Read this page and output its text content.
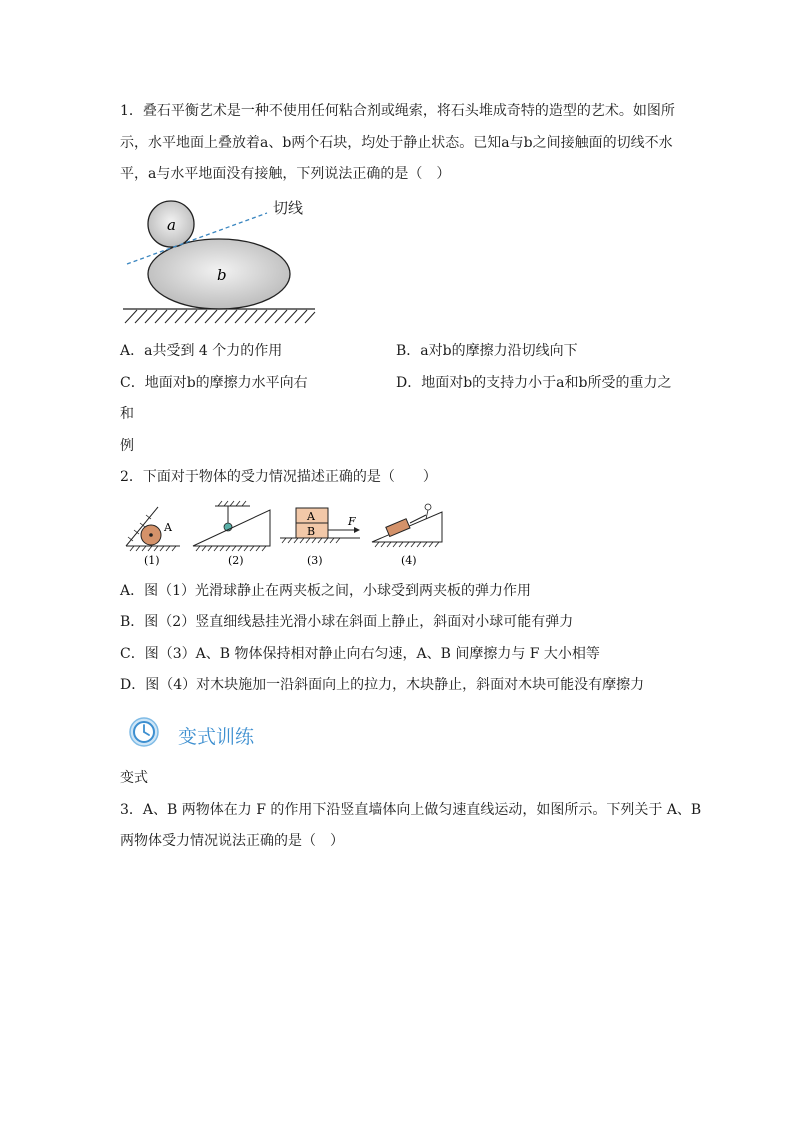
1．叠石平衡艺术是一种不使用任何粘合剂或绳索，将石头堆成奇特的造型的艺术。如图所
示，水平地面上叠放着a、b两个石块，均处于静止状态。已知a与b之间接触面的切线不水
平，a与水平地面没有接触，下列说法正确的是（　）
切线
a
b
A．a共受到 4 个力的作用	B．a对b的摩擦力沿切线向下
C．地面对b的摩擦力水平向右	D．地面对b的支持力小于a和b所受的重力之
和
例
2．下面对于物体的受力情况描述正确的是（　　）
A
(1)	(2)
A
B
F
(3)	(4)
A．图（1）光滑球静止在两夹板之间，小球受到两夹板的弹力作用
B．图（2）竖直细线悬挂光滑小球在斜面上静止，斜面对小球可能有弹力
C．图（3）A、B 物体保持相对静止向右匀速，A、B 间摩擦力与 F 大小相等
D．图（4）对木块施加一沿斜面向上的拉力，木块静止，斜面对木块可能没有摩擦力
变式训练
变式
3．A、B 两物体在力 F 的作用下沿竖直墙体向上做匀速直线运动，如图所示。下列关于 A、B
两物体受力情况说法正确的是（　）
